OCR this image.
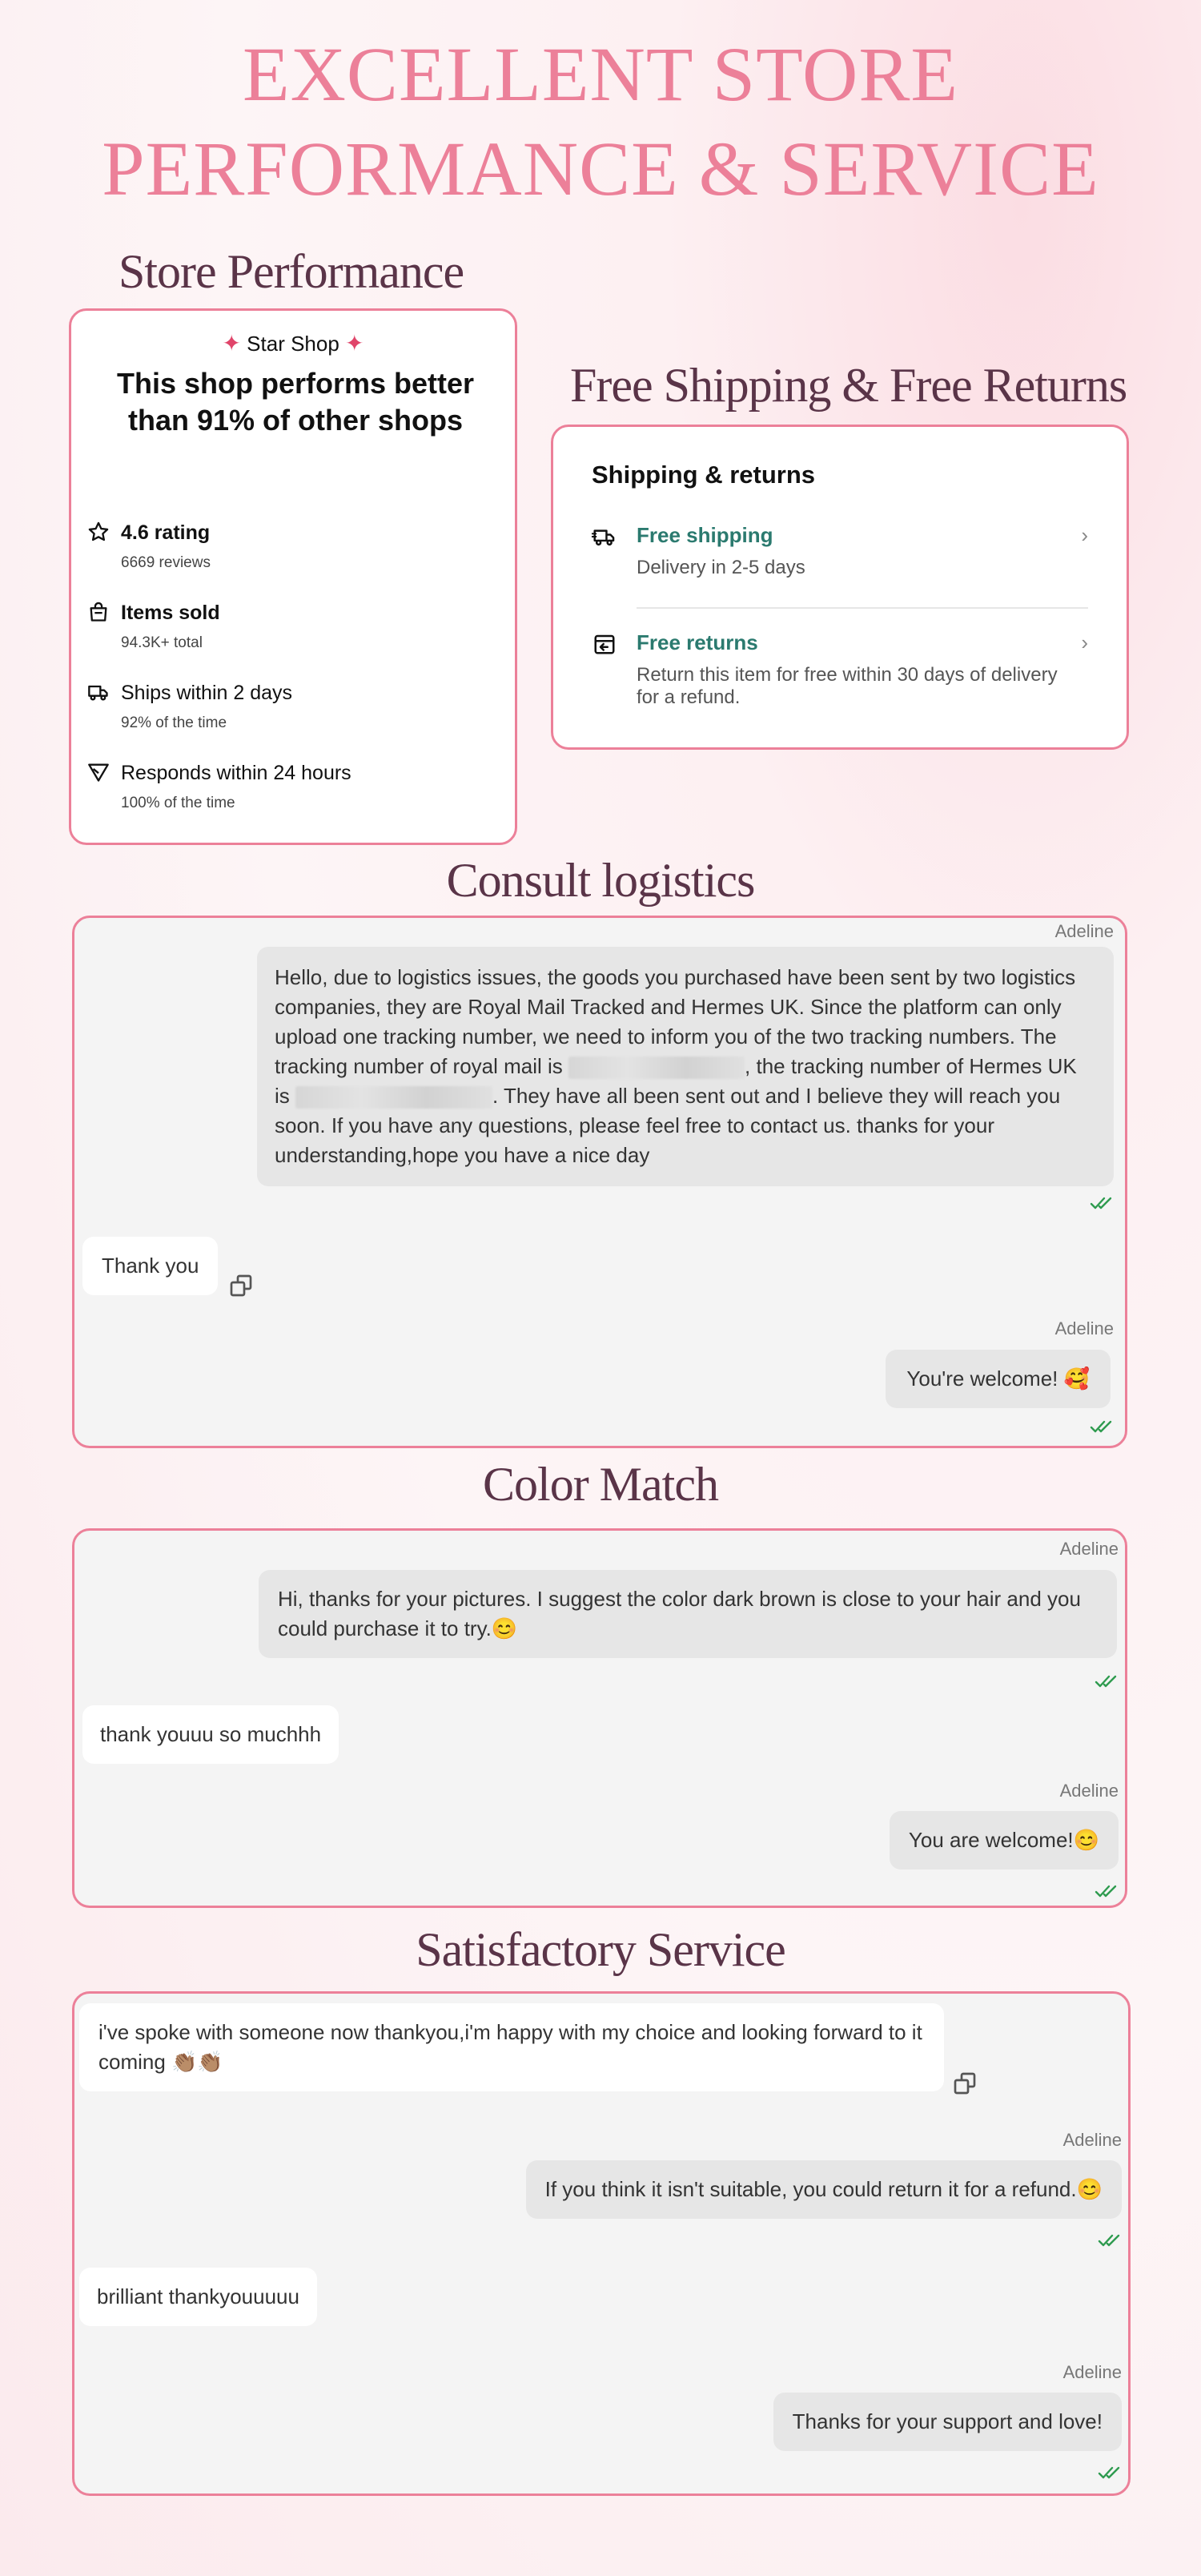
EXCELLENT STORE
PERFORMANCE & SERVICE
Store Performance
✦ Star Shop ✦
This shop performs better than 91% of other shops
4.6 rating
6669 reviews
Items sold
94.3K+ total
Ships within 2 days
92% of the time
Responds within 24 hours
100% of the time
Free Shipping & Free Returns
Shipping & returns
Free shipping
Delivery in 2-5 days
›
Free returns
Return this item for free within 30 days of delivery for a refund.
›
Consult logistics
Adeline
Hello, due to logistics issues, the goods you purchased have been sent by two logistics companies, they are Royal Mail Tracked and Hermes UK. Since the platform can only upload one tracking number, we need to inform you of the two tracking numbers. The tracking number of royal mail is	, the tracking number of Hermes UK is	. They have all been sent out and I believe they will reach you soon. If you have any questions, please feel free to contact us. thanks for your understanding,hope you have a nice day
Thank you
Adeline
You're welcome! 🥰
Color Match
Adeline
Hi, thanks for your pictures. I suggest the color dark brown is close to your hair and you could purchase it to try.😊
thank youuu so muchhh
Adeline
You are welcome!😊
Satisfactory Service
i've spoke with someone now thankyou,i'm happy with my choice and looking forward to it coming 👏🏽👏🏽
Adeline
If you think it isn't suitable, you could return it for a refund.😊
brilliant thankyouuuuu
Adeline
Thanks for your support and love!
